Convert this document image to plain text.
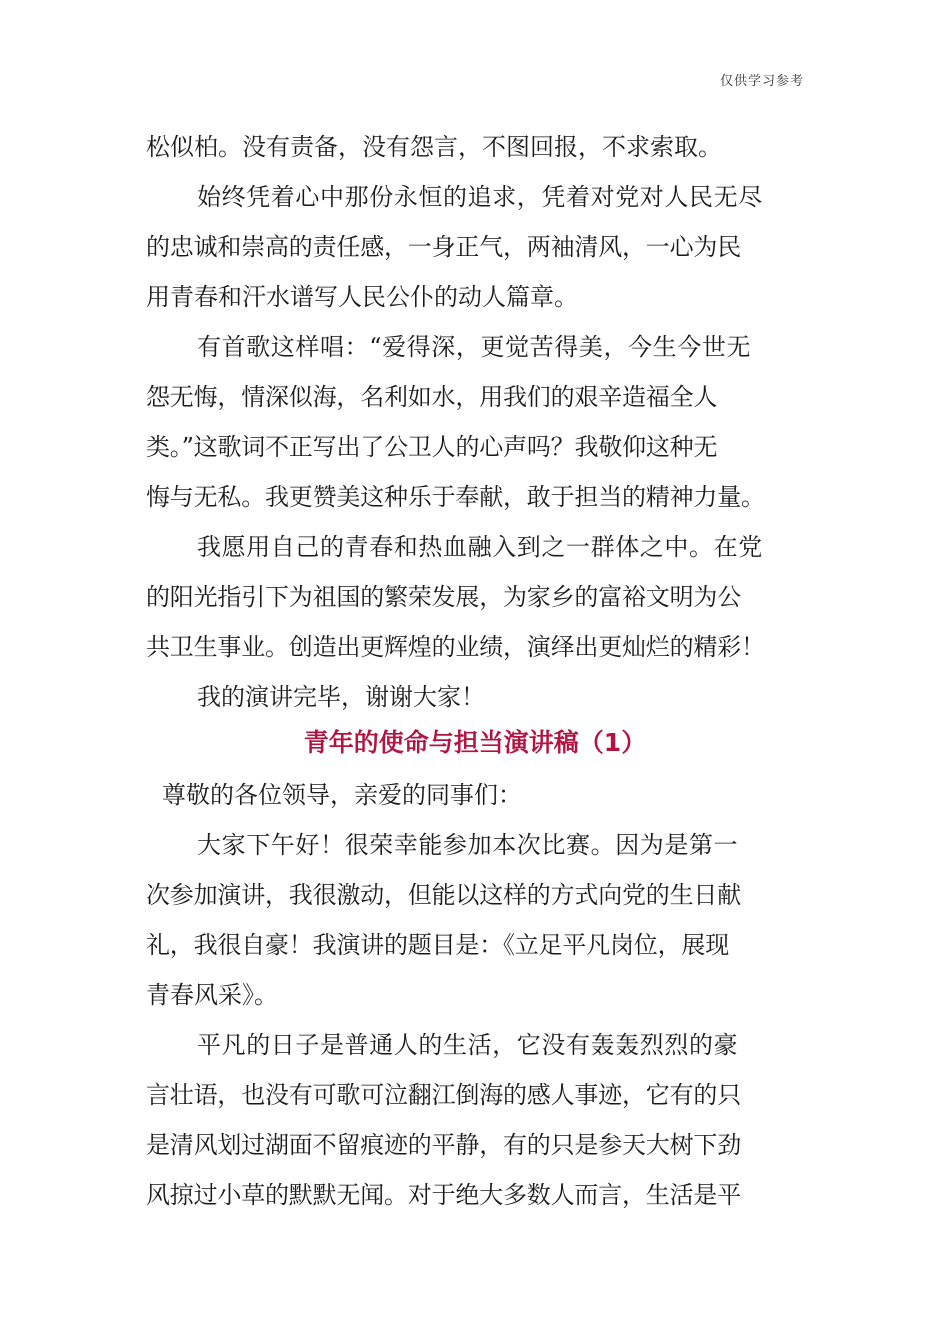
仅供学习参考
松似柏。没有责备，没有怨言，不图回报，不求索取。
始终凭着心中那份永恒的追求，凭着对党对人民无尽
的忠诚和崇高的责任感，一身正气，两袖清风，一心为民
用青春和汗水谱写人民公仆的动人篇章。
有首歌这样唱：“爱得深，更觉苦得美，今生今世无
怨无悔，情深似海，名利如水，用我们的艰辛造福全人
类。”这歌词不正写出了公卫人的心声吗？我敬仰这种无
悔与无私。我更赞美这种乐于奉献，敢于担当的精神力量。
我愿用自己的青春和热血融入到之一群体之中。在党
的阳光指引下为祖国的繁荣发展，为家乡的富裕文明为公
共卫生事业。创造出更辉煌的业绩，演绎出更灿烂的精彩！
我的演讲完毕，谢谢大家！
青年的使命与担当演讲稿（1）
尊敬的各位领导，亲爱的同事们：
大家下午好！很荣幸能参加本次比赛。因为是第一
次参加演讲，我很激动，但能以这样的方式向党的生日献
礼，我很自豪！我演讲的题目是：《立足平凡岗位，展现
青春风采》。
平凡的日子是普通人的生活，它没有轰轰烈烈的豪
言壮语，也没有可歌可泣翻江倒海的感人事迹，它有的只
是清风划过湖面不留痕迹的平静，有的只是参天大树下劲
风掠过小草的默默无闻。对于绝大多数人而言，生活是平
